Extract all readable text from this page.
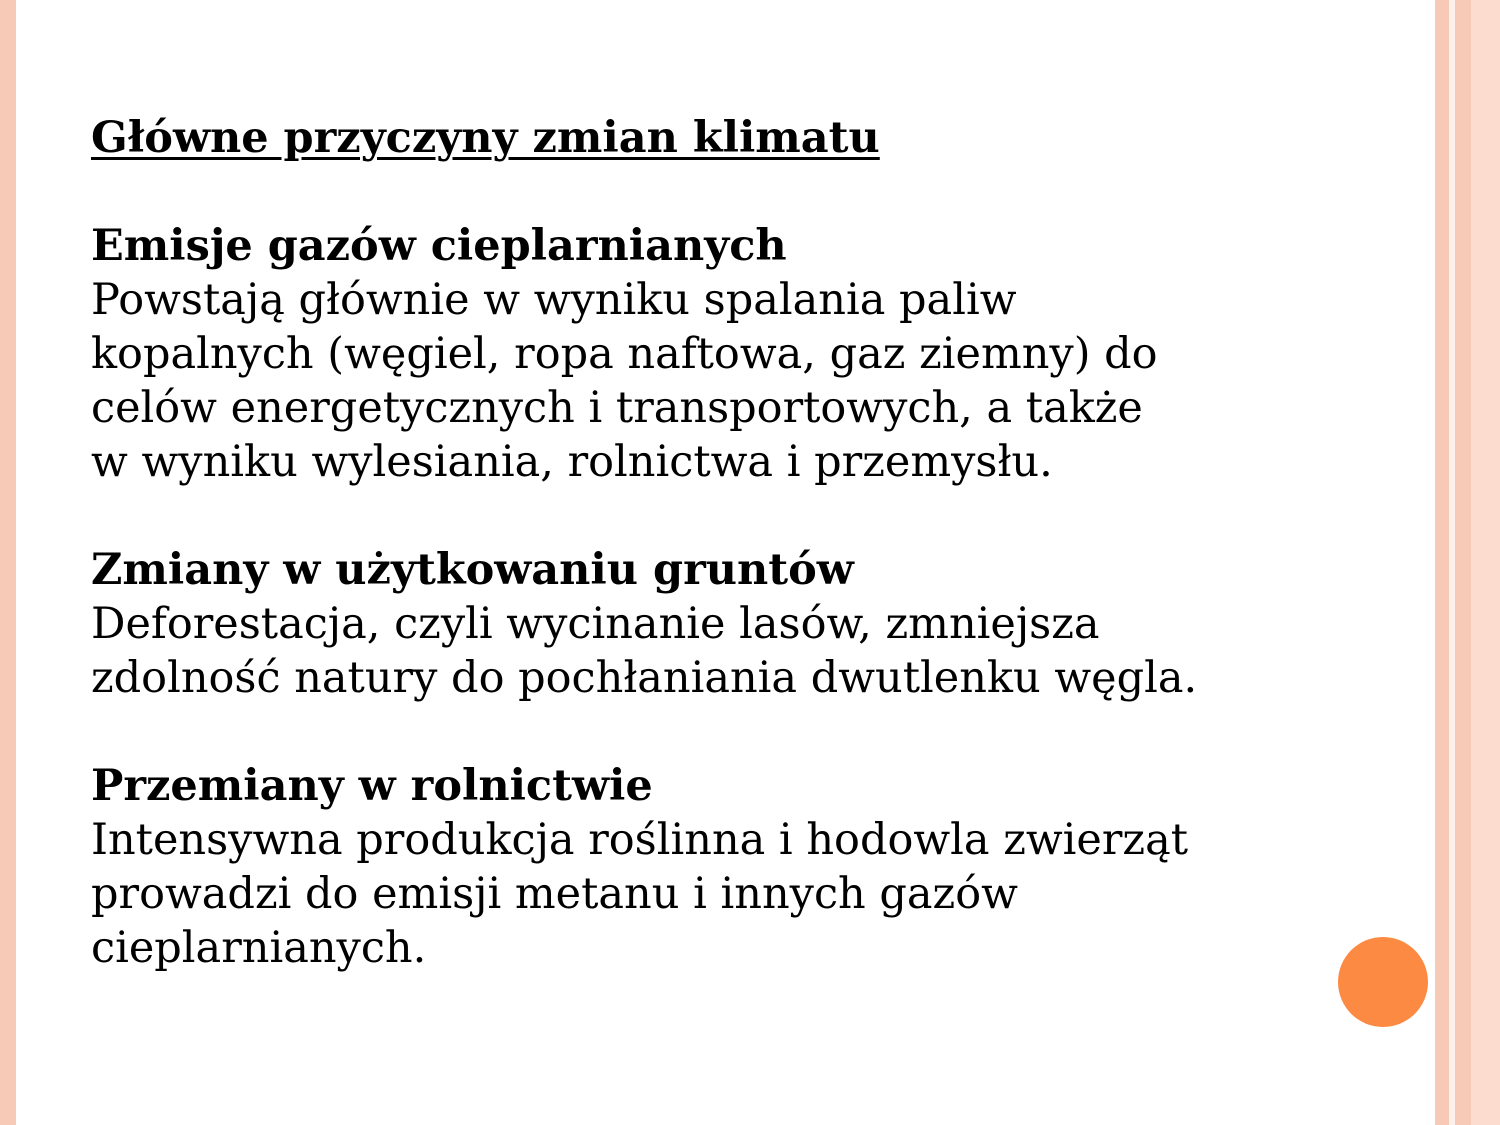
Główne przyczyny zmian klimatu
Emisje gazów cieplarnianych
Powstają głównie w wyniku spalania paliw
kopalnych (węgiel, ropa naftowa, gaz ziemny) do
celów energetycznych i transportowych, a także
w wyniku wylesiania, rolnictwa i przemysłu.
Zmiany w użytkowaniu gruntów
Deforestacja, czyli wycinanie lasów, zmniejsza
zdolność natury do pochłaniania dwutlenku węgla.
Przemiany w rolnictwie
Intensywna produkcja roślinna i hodowla zwierząt
prowadzi do emisji metanu i innych gazów
cieplarnianych.
